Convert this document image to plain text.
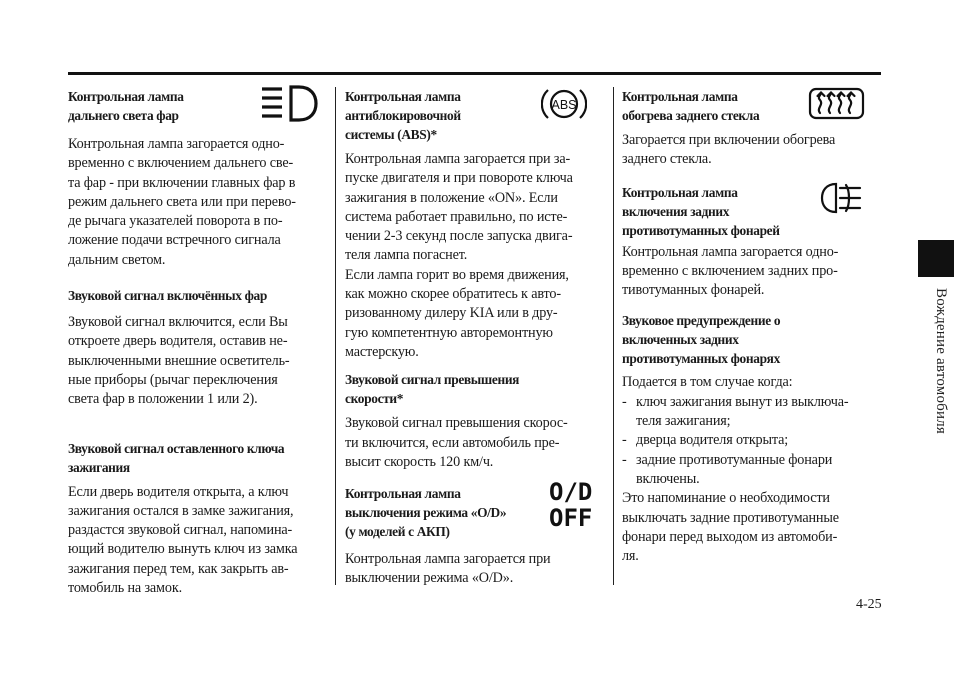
Контрольная лампа
дальнего света фар
Контрольная лампа загорается одно-
временно с включением дальнего све-
та фар - при включении главных фар в
режим дальнего света или при перево-
де рычага указателей поворота в по-
ложение подачи встречного сигнала
дальним светом.
Звуковой сигнал включённых фар
Звуковой сигнал включится, если Вы
откроете дверь водителя, оставив не-
выключенными внешние осветитель-
ные приборы (рычаг переключения
света фар в положении 1 или 2).
Звуковой сигнал оставленного ключа
зажигания
Если дверь водителя открыта, а ключ
зажигания остался в замке зажигания,
раздастся звуковой сигнал, напомина-
ющий водителю вынуть ключ из замка
зажигания перед тем, как закрыть ав-
томобиль на замок.
Контрольная лампа
антиблокировочной
системы (ABS)*
ABS
Контрольная лампа загорается при за-
пуске двигателя и при повороте ключа
зажигания в положение «ON». Если
система работает правильно, по исте-
чении 2-3 секунд после запуска двига-
теля лампа погаснет.
Если лампа горит во время движения,
как можно скорее обратитесь к авто-
ризованному дилеру KIA или в дру-
гую компетентную авторемонтную
мастерскую.
Звуковой сигнал превышения
скорости*
Звуковой сигнал превышения скорос-
ти включится, если автомобиль пре-
высит скорость 120 км/ч.
Контрольная лампа
выключения режима «O/D»
(у моделей с АКП)
O/D
OFF
Контрольная лампа загорается при
выключении режима «O/D».
Контрольная лампа
обогрева заднего стекла
Загорается при включении обогрева
заднего стекла.
Контрольная лампа
включения задних
противотуманных фонарей
Контрольная лампа загорается одно-
временно с включением задних про-
тивотуманных фонарей.
Звуковое предупреждение о
включенных задних
противотуманных фонарях
Подается в том случае когда:
- ключ зажигания вынут из выключа-
теля зажигания;
- дверца водителя открыта;
- задние противотуманные фонари
включены.
Это напоминание о необходимости
выключать задние противотуманные
фонари перед выходом из автомоби-
ля.
Вождение автомобиля
4-25
